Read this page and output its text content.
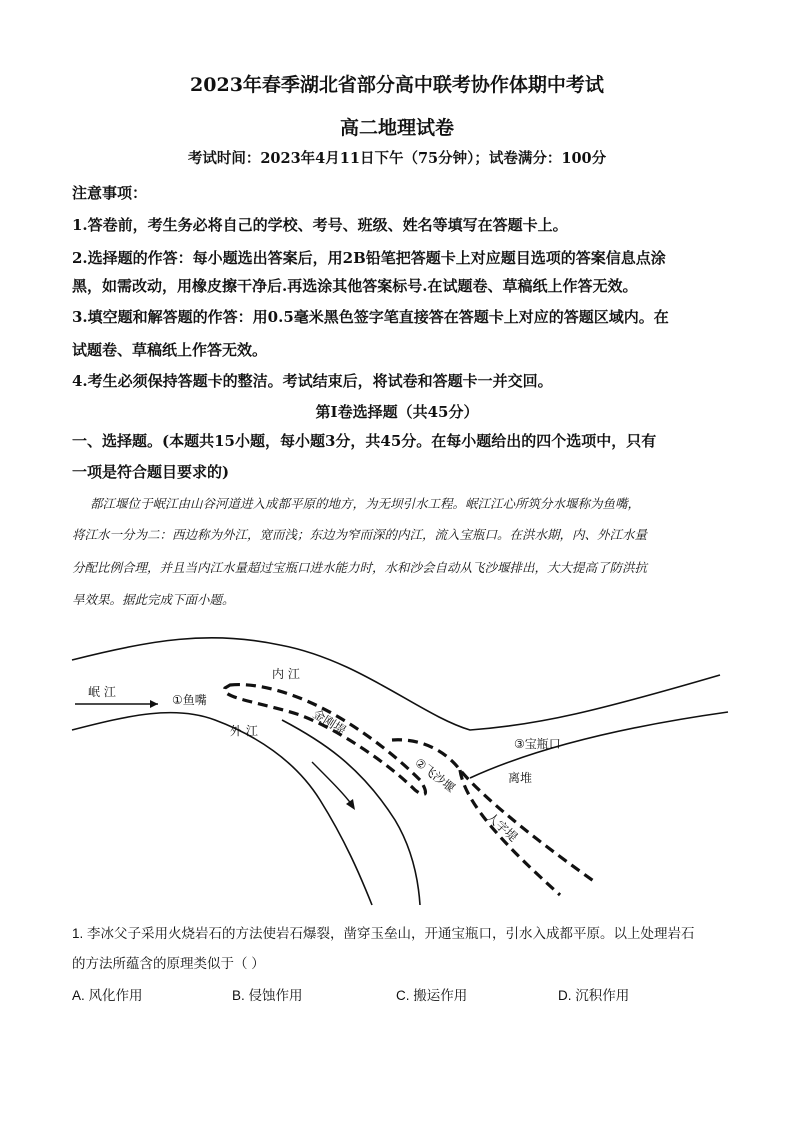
2023年春季湖北省部分高中联考协作体期中考试
高二地理试卷
考试时间：2023年4月11日下午（75分钟）；试卷满分：100分
注意事项：
1.答卷前，考生务必将自己的学校、考号、班级、姓名等填写在答题卡上。
2.选择题的作答：每小题选出答案后，用2B铅笔把答题卡上对应题目选项的答案信息点涂
黑，如需改动，用橡皮擦干净后.再选涂其他答案标号.在试题卷、草稿纸上作答无效。
3.填空题和解答题的作答：用0.5毫米黑色签字笔直接答在答题卡上对应的答题区域内。在
试题卷、草稿纸上作答无效。
4.考生必须保持答题卡的整洁。考试结束后，将试卷和答题卡一并交回。
第Ⅰ卷选择题（共45分）
一、选择题。(本题共15小题，每小题3分，共45分。在每小题给出的四个选项中，只有
一项是符合题目要求的)
都江堰位于岷江由山谷河道进入成都平原的地方，为无坝引水工程。岷江江心所筑分水堰称为鱼嘴，
将江水一分为二：西边称为外江，宽而浅；东边为窄而深的内江，流入宝瓶口。在洪水期，内、外江水量
分配比例合理，并且当内江水量超过宝瓶口进水能力时，水和沙会自动从飞沙堰排出，大大提高了防洪抗
旱效果。据此完成下面小题。
岷 江
①鱼嘴
内 江
外 江	金刚堤
②飞沙堰
③宝瓶口
离堆
人字堤
1. 李冰父子采用火烧岩石的方法使岩石爆裂，凿穿玉垒山，开通宝瓶口，引水入成都平原。以上处理岩石
的方法所蕴含的原理类似于（ ）
A. 风化作用	B. 侵蚀作用	C. 搬运作用	D. 沉积作用
